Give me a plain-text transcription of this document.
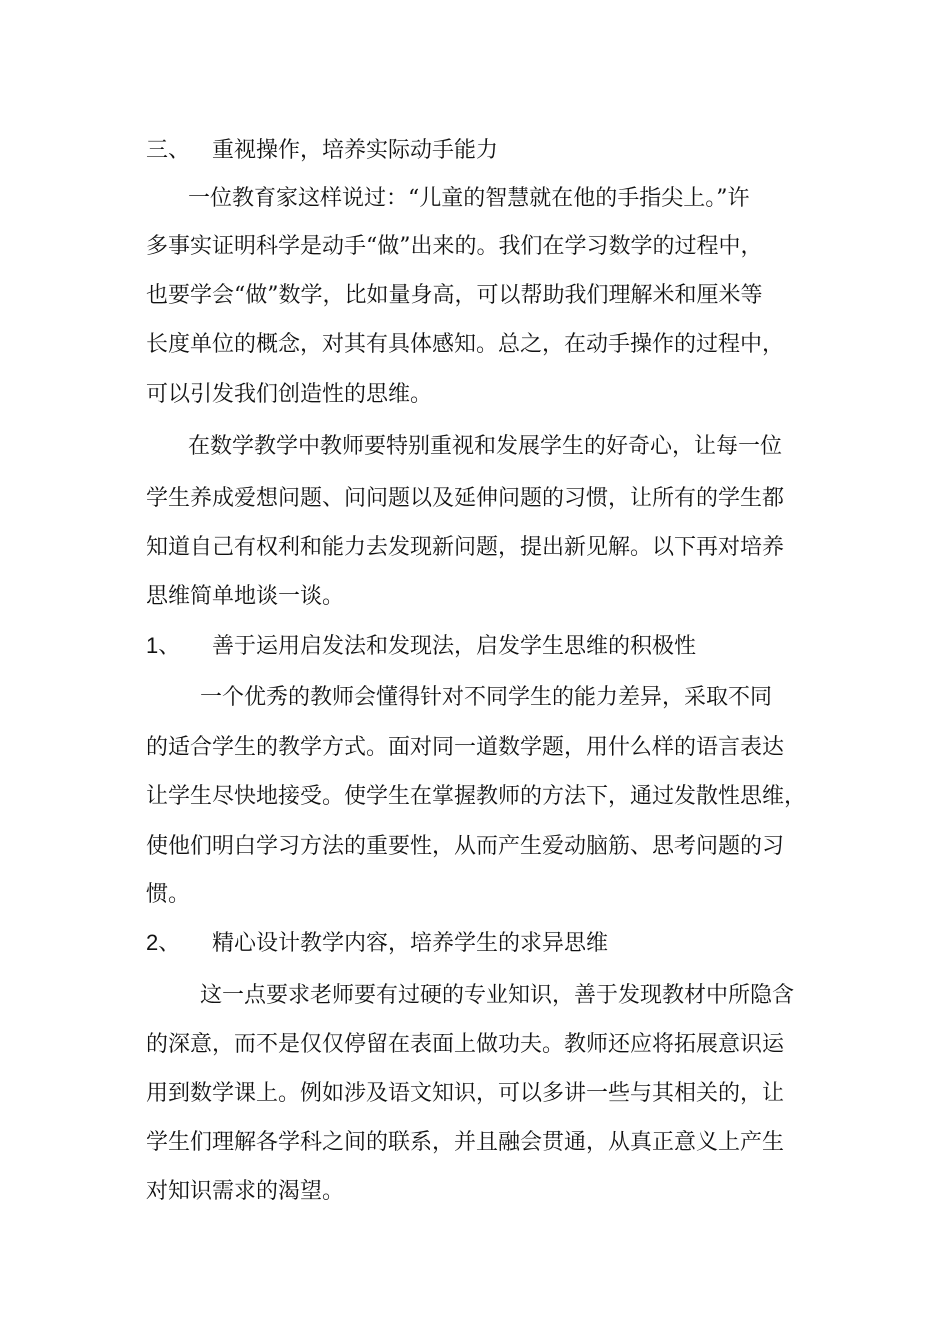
三、 重视操作，培养实际动手能力
一位教育家这样说过：“儿童的智慧就在他的手指尖上。”许
多事实证明科学是动手“做”出来的。我们在学习数学的过程中，
也要学会“做”数学，比如量身高，可以帮助我们理解米和厘米等
长度单位的概念，对其有具体感知。总之，在动手操作的过程中，
可以引发我们创造性的思维。
在数学教学中教师要特别重视和发展学生的好奇心，让每一位
学生养成爱想问题、问问题以及延伸问题的习惯，让所有的学生都
知道自己有权利和能力去发现新问题，提出新见解。以下再对培养
思维简单地谈一谈。
1、 善于运用启发法和发现法，启发学生思维的积极性
一个优秀的教师会懂得针对不同学生的能力差异，采取不同
的适合学生的教学方式。面对同一道数学题，用什么样的语言表达
让学生尽快地接受。使学生在掌握教师的方法下，通过发散性思维，
使他们明白学习方法的重要性，从而产生爱动脑筋、思考问题的习
惯。
2、 精心设计教学内容，培养学生的求异思维
这一点要求老师要有过硬的专业知识，善于发现教材中所隐含
的深意，而不是仅仅停留在表面上做功夫。教师还应将拓展意识运
用到数学课上。例如涉及语文知识，可以多讲一些与其相关的，让
学生们理解各学科之间的联系，并且融会贯通，从真正意义上产生
对知识需求的渴望。
